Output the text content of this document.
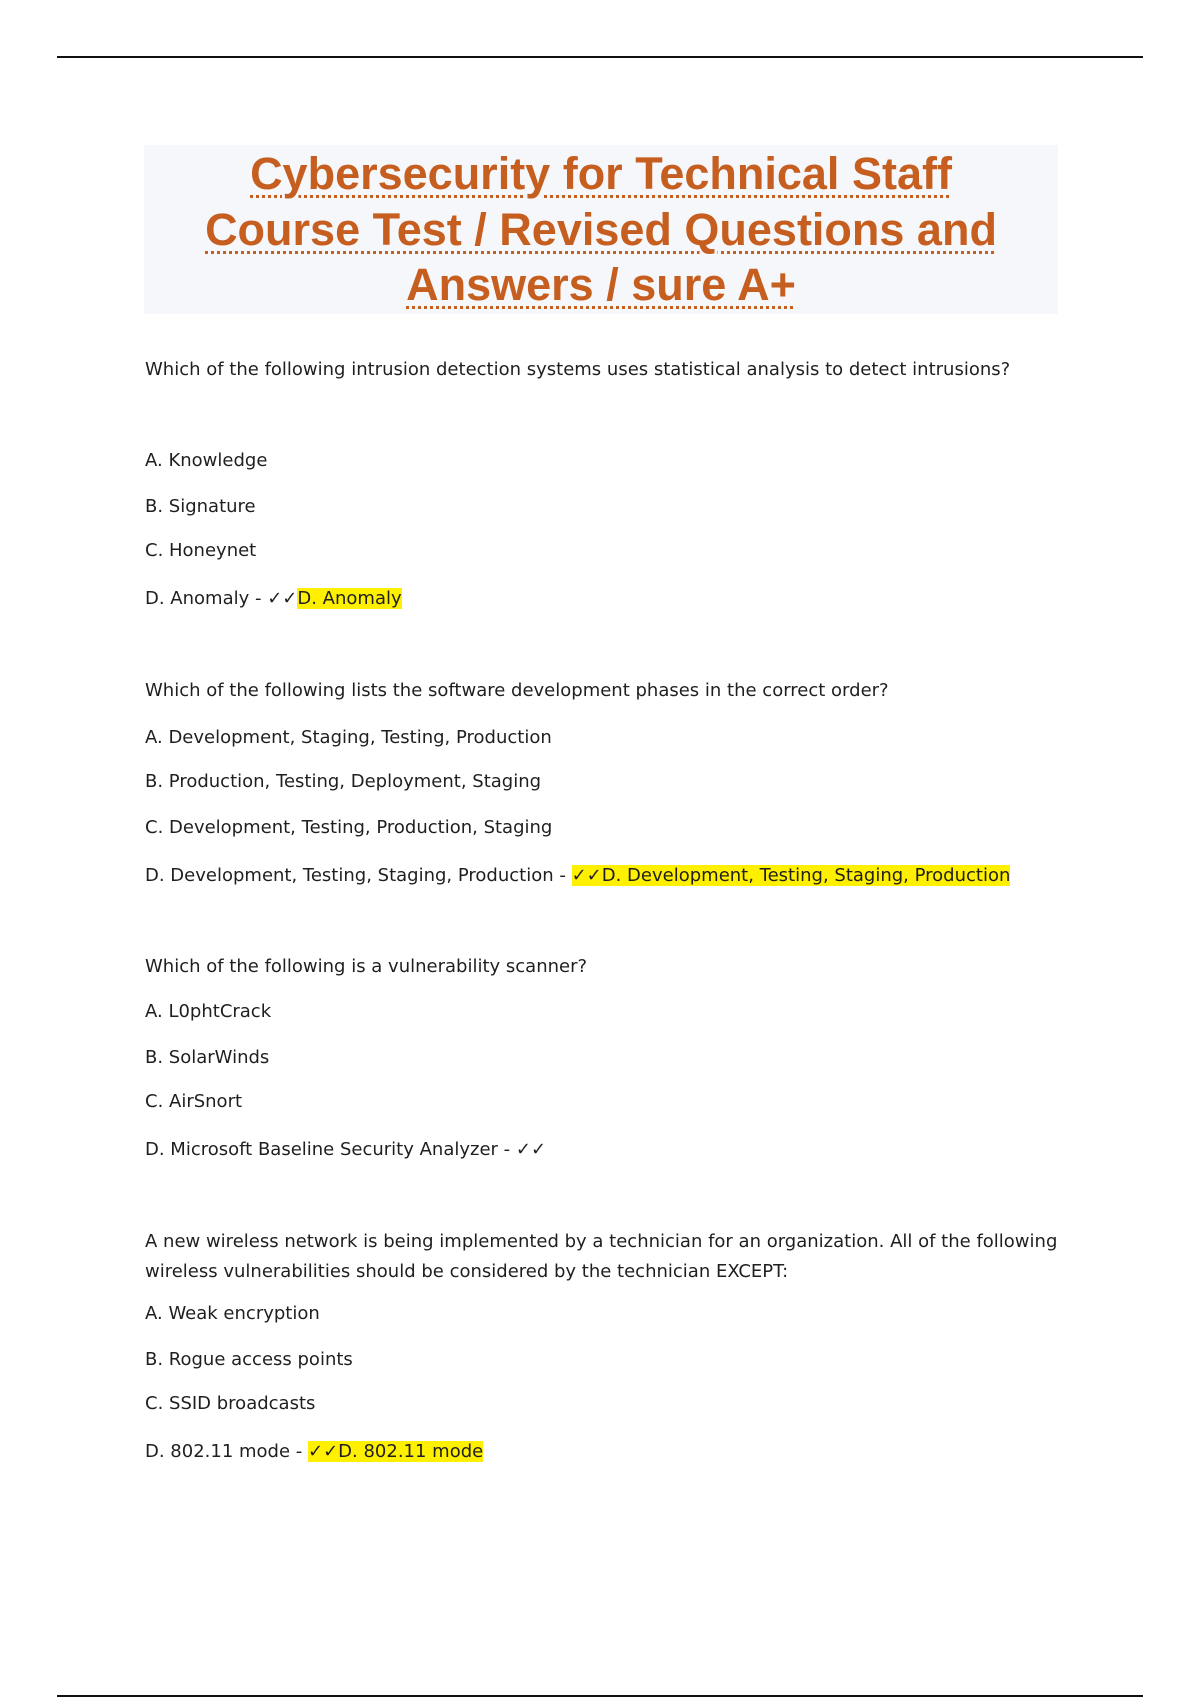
Cybersecurity for Technical Staff
Course Test / Revised Questions and
Answers / sure A+

Which of the following intrusion detection systems uses statistical analysis to detect intrusions?

A. Knowledge

B. Signature

C. Honeynet

D. Anomaly - ✓✓D. Anomaly

Which of the following lists the software development phases in the correct order?

A. Development, Staging, Testing, Production

B. Production, Testing, Deployment, Staging

C. Development, Testing, Production, Staging

D. Development, Testing, Staging, Production - ✓✓D. Development, Testing, Staging, Production

Which of the following is a vulnerability scanner?

A. L0phtCrack

B. SolarWinds

C. AirSnort

D. Microsoft Baseline Security Analyzer - ✓✓

A new wireless network is being implemented by a technician for an organization. All of the following wireless vulnerabilities should be considered by the technician EXCEPT:

A. Weak encryption

B. Rogue access points

C. SSID broadcasts

D. 802.11 mode - ✓✓D. 802.11 mode
